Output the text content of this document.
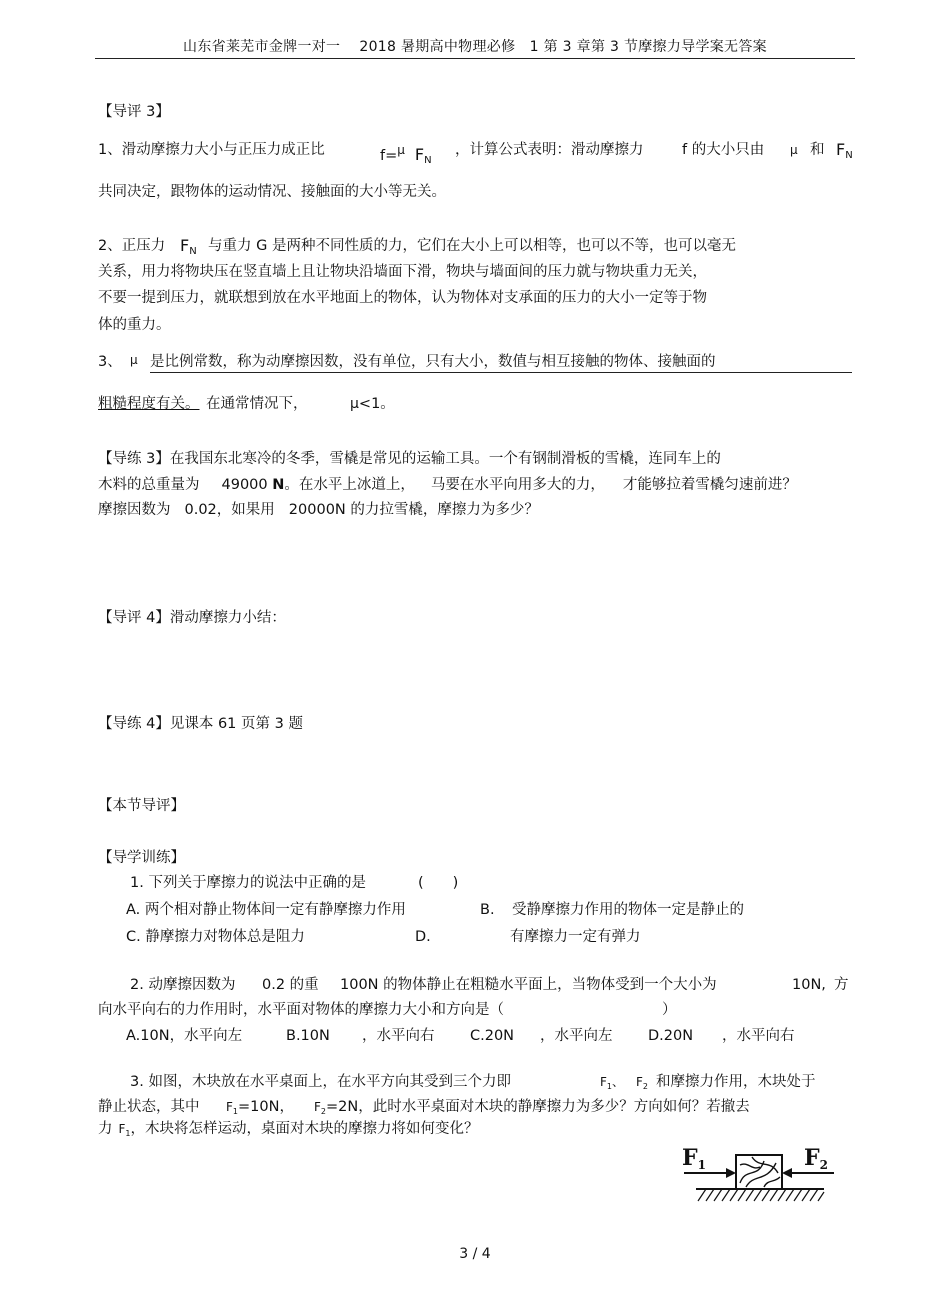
山东省莱芜市金牌一对一　 2018 暑期高中物理必修　1 第 3 章第 3 节摩擦力导学案无答案
【导评 3】
1、滑动摩擦力大小与正压力成正比	f=$^\mu$ $F_N$
，计算公式表明：滑动摩擦力	f 的大小只由 $^\mu$ 和 $F_N$
共同决定，跟物体的运动情况、接触面的大小等无关。
2、正压力 $F_N$ 与重力 G 是两种不同性质的力，它们在大小上可以相等，也可以不等，也可以毫无
关系，用力将物块压在竖直墙上且让物块沿墙面下滑，物块与墙面间的压力就与物块重力无关，
不要一提到压力，就联想到放在水平地面上的物体，认为物体对支承面的压力的大小一定等于物
体的重力。
3、 $^\mu$ 是比例常数，称为动摩擦因数，没有单位，只有大小，数值与相互接触的物体、接触面的
粗糙程度有关。 在通常情况下，	μ<1。
【导练 3】在我国东北寒冷的冬季，雪橇是常见的运输工具。一个有钢制滑板的雪橇，连同车上的
木料的总重量为 49000 N。在水平上冰道上， 马要在水平向用多大的力， 才能够拉着雪橇匀速前进？
摩擦因数为 0.02，如果用 20000N 的力拉雪橇，摩擦力为多少？
【导评 4】滑动摩擦力小结：
【导练 4】见课本 61 页第 3 题
【本节导评】
【导学训练】
1. 下列关于摩擦力的说法中正确的是	(　　)
A. 两个相对静止物体间一定有静摩擦力作用	B. 受静摩擦力作用的物体一定是静止的
C. 静摩擦力对物体总是阻力	D.	有摩擦力一定有弹力
2. 动摩擦因数为 0.2 的重 100N 的物体静止在粗糙水平面上，当物体受到一个大小为	10N, 方
向水平向右的力作用时，水平面对物体的摩擦力大小和方向是（	）
A.10N，水平向左	B.10N ，水平向右 C.20N ，水平向左 D.20N ，水平向右
3. 如图，木块放在水平桌面上，在水平方向其受到三个力即	$F_1$、 $F_2$ 和摩擦力作用，木块处于
静止状态，其中 $F_1=10N$， $F_2=2N$，此时水平桌面对木块的静摩擦力为多少？方向如何？若撤去
力 $F_1$，木块将怎样运动，桌面对木块的摩擦力将如何变化？
F1	F2
3 / 4
